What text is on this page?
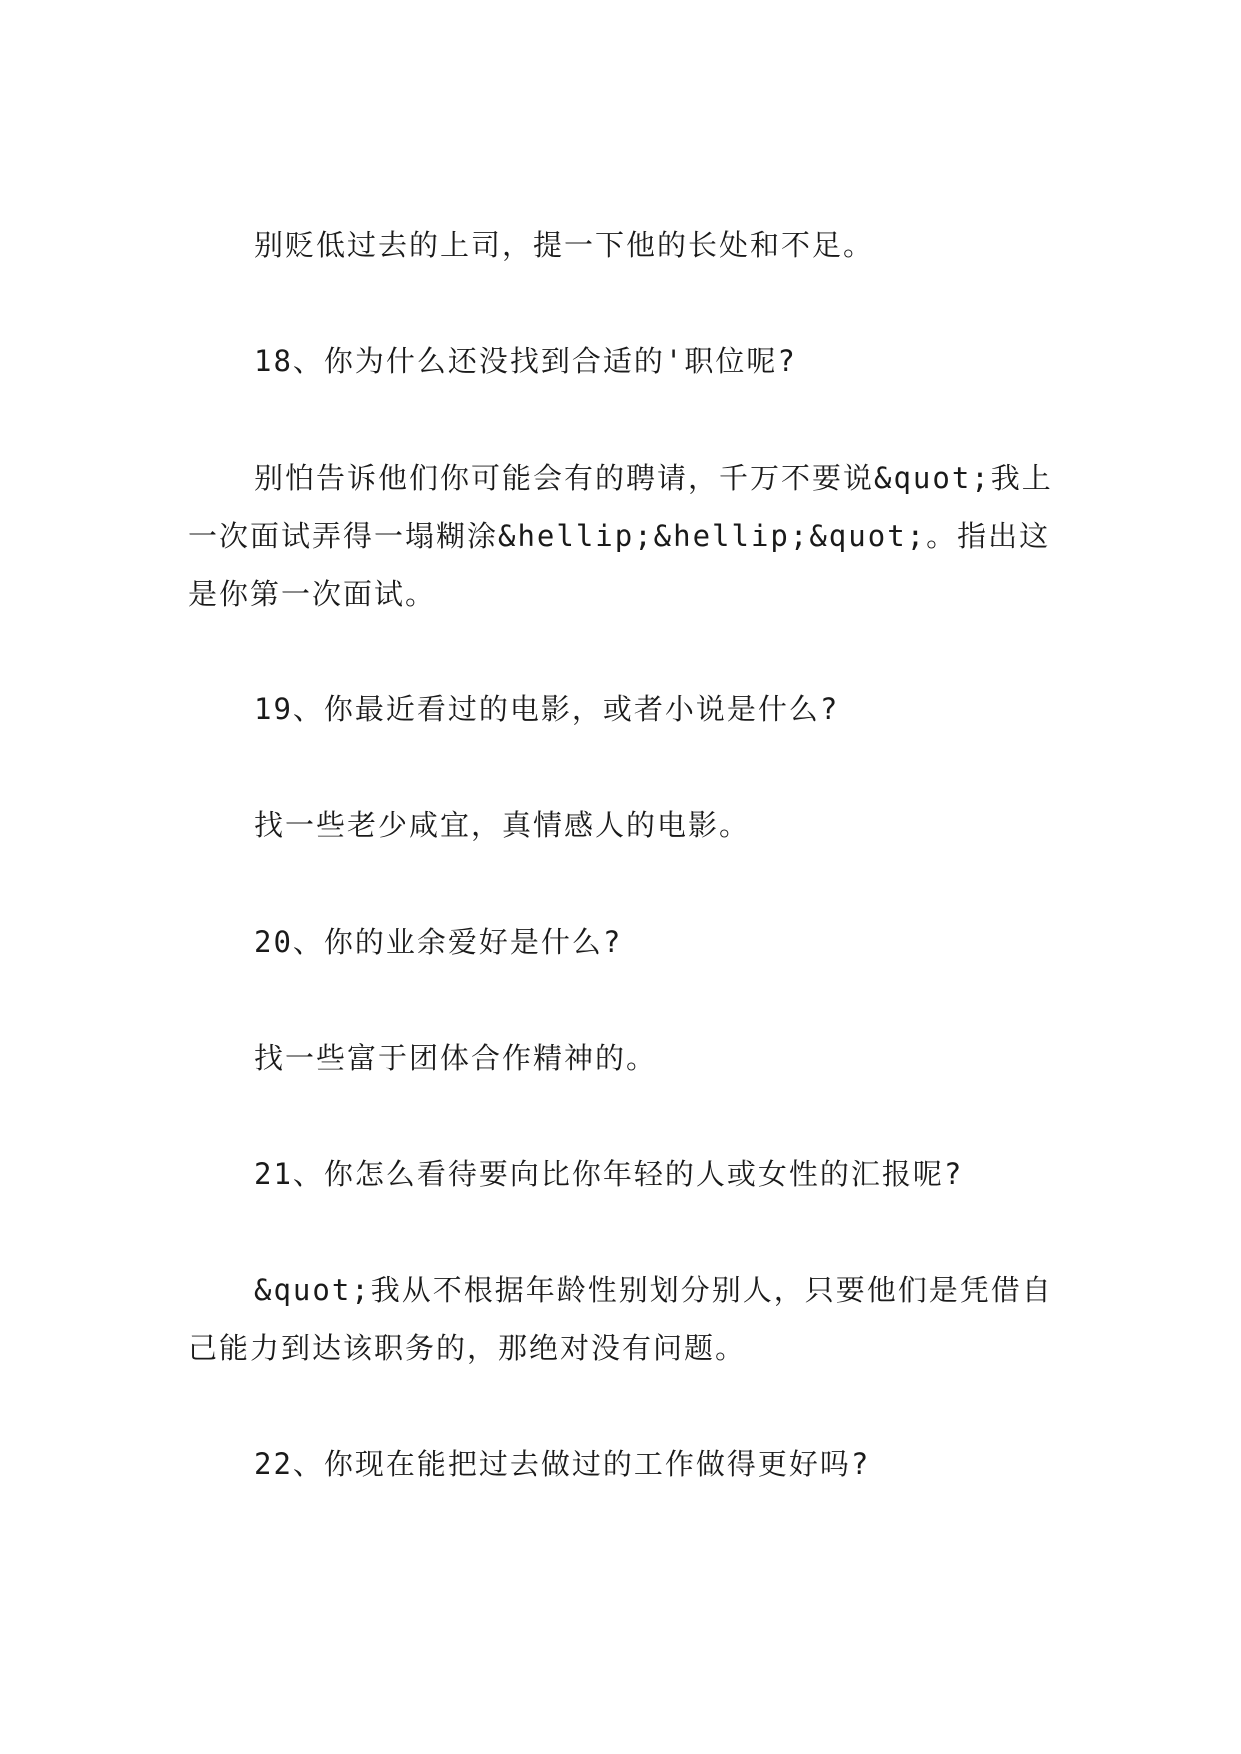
别贬低过去的上司，提一下他的长处和不足。

18、你为什么还没找到合适的'职位呢?

别怕告诉他们你可能会有的聘请，千万不要说&quot;我上一次面试弄得一塌糊涂&hellip;&hellip;&quot;。指出这是你第一次面试。

19、你最近看过的电影，或者小说是什么?

找一些老少咸宜，真情感人的电影。

20、你的业余爱好是什么?

找一些富于团体合作精神的。

21、你怎么看待要向比你年轻的人或女性的汇报呢?

&quot;我从不根据年龄性别划分别人，只要他们是凭借自己能力到达该职务的，那绝对没有问题。

22、你现在能把过去做过的工作做得更好吗?
